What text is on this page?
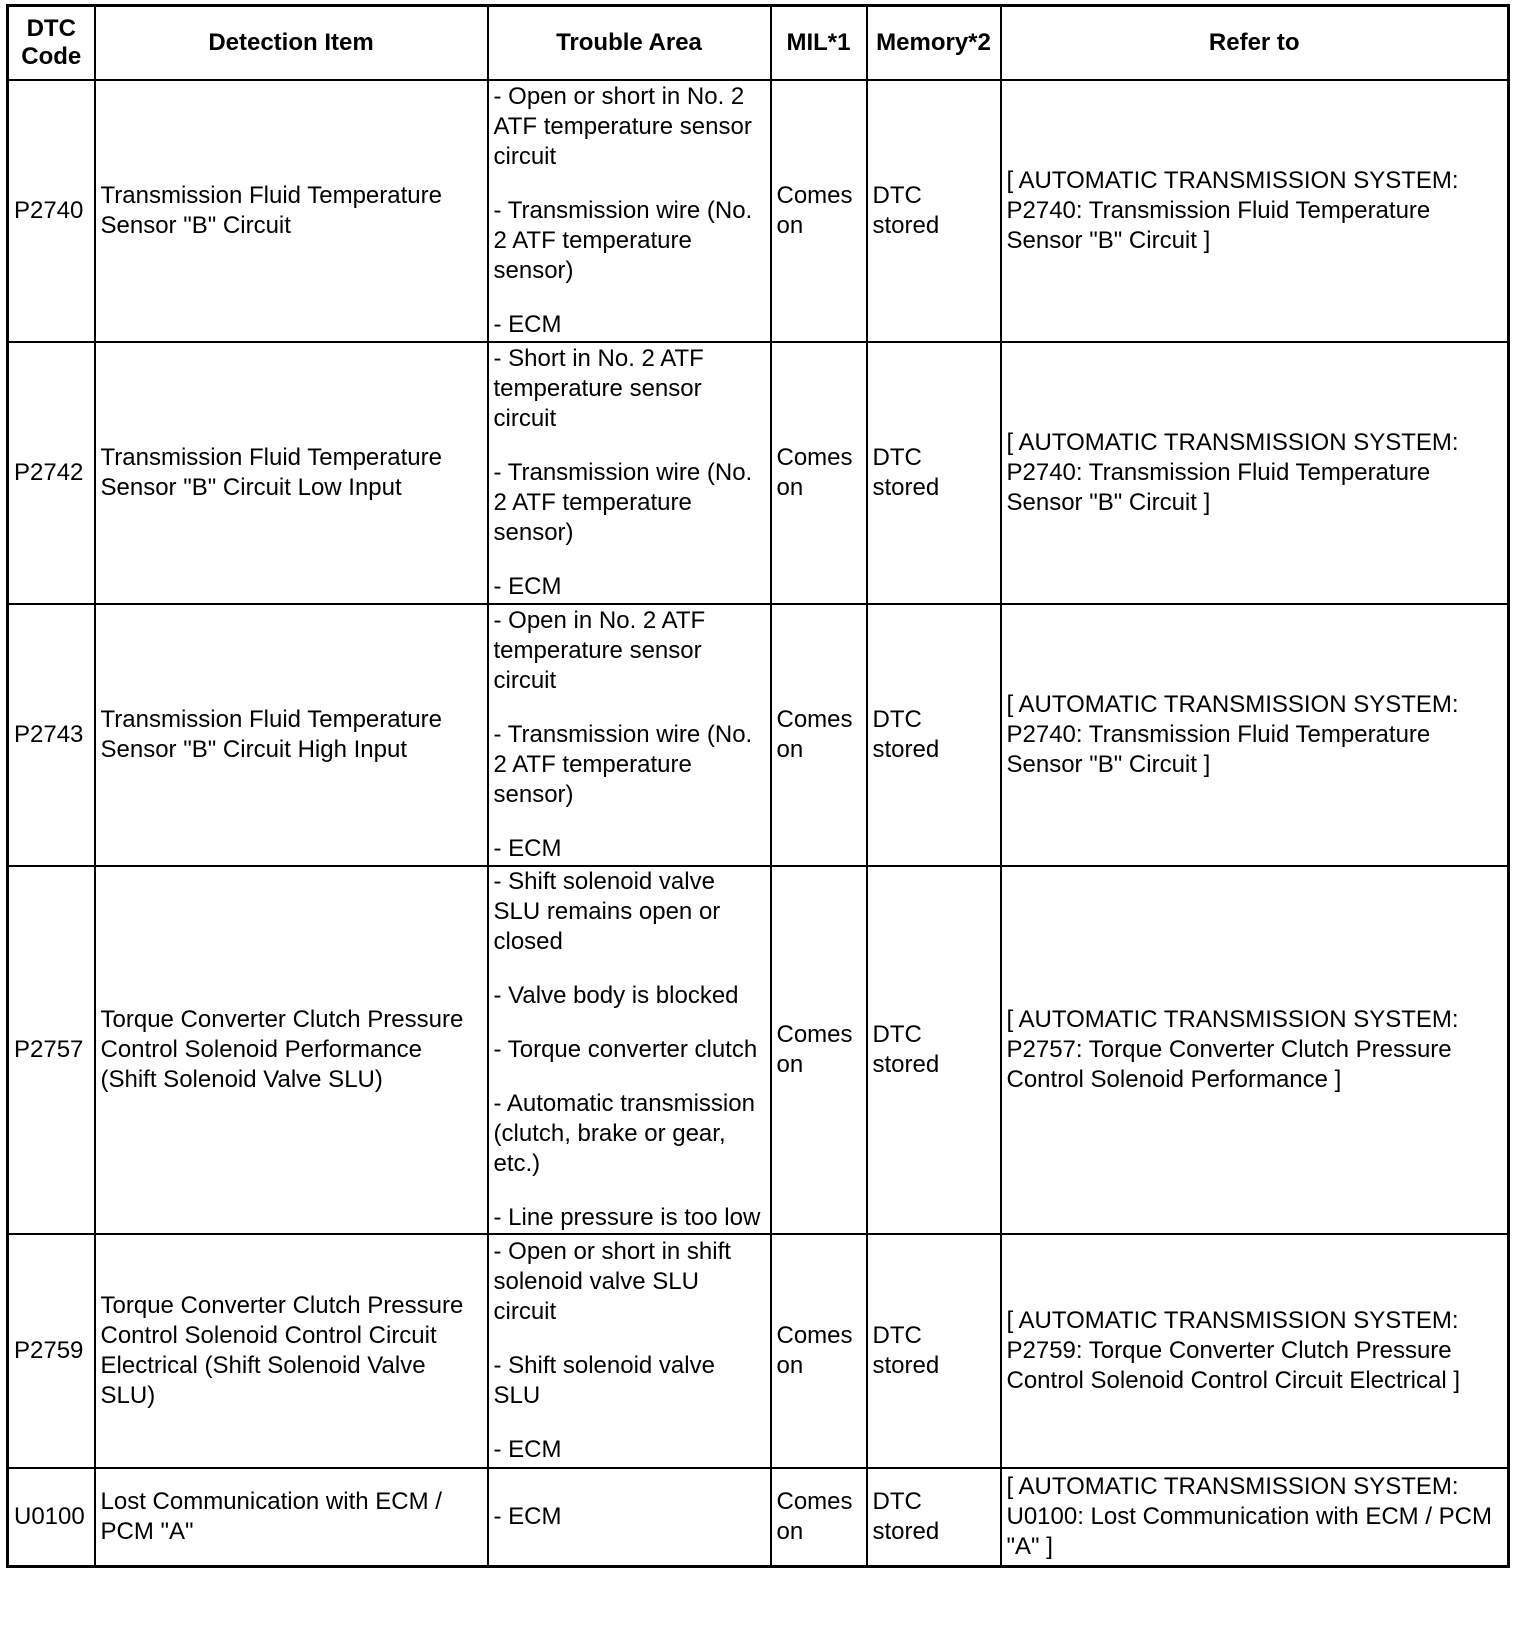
DTC Code	Detection Item	Trouble Area	MIL*1	Memory*2	Refer to
P2740	Transmission Fluid Temperature Sensor "B" Circuit	- Open or short in No. 2 ATF temperature sensor circuit

- Transmission wire (No. 2 ATF temperature sensor)

- ECM	Comes on	DTC stored	[ AUTOMATIC TRANSMISSION SYSTEM: P2740: Transmission Fluid Temperature Sensor "B" Circuit ]
P2742	Transmission Fluid Temperature Sensor "B" Circuit Low Input	- Short in No. 2 ATF temperature sensor circuit

- Transmission wire (No. 2 ATF temperature sensor)

- ECM	Comes on	DTC stored	[ AUTOMATIC TRANSMISSION SYSTEM: P2740: Transmission Fluid Temperature Sensor "B" Circuit ]
P2743	Transmission Fluid Temperature Sensor "B" Circuit High Input	- Open in No. 2 ATF temperature sensor circuit

- Transmission wire (No. 2 ATF temperature sensor)

- ECM	Comes on	DTC stored	[ AUTOMATIC TRANSMISSION SYSTEM: P2740: Transmission Fluid Temperature Sensor "B" Circuit ]
P2757	Torque Converter Clutch Pressure Control Solenoid Performance (Shift Solenoid Valve SLU)	- Shift solenoid valve SLU remains open or closed

- Valve body is blocked

- Torque converter clutch

- Automatic transmission (clutch, brake or gear, etc.)

- Line pressure is too low	Comes on	DTC stored	[ AUTOMATIC TRANSMISSION SYSTEM: P2757: Torque Converter Clutch Pressure Control Solenoid Performance ]
P2759	Torque Converter Clutch Pressure Control Solenoid Control Circuit Electrical (Shift Solenoid Valve SLU)	- Open or short in shift solenoid valve SLU circuit

- Shift solenoid valve SLU

- ECM	Comes on	DTC stored	[ AUTOMATIC TRANSMISSION SYSTEM: P2759: Torque Converter Clutch Pressure Control Solenoid Control Circuit Electrical ]
U0100	Lost Communication with ECM / PCM "A"	- ECM	Comes on	DTC stored	[ AUTOMATIC TRANSMISSION SYSTEM: U0100: Lost Communication with ECM / PCM "A" ]
